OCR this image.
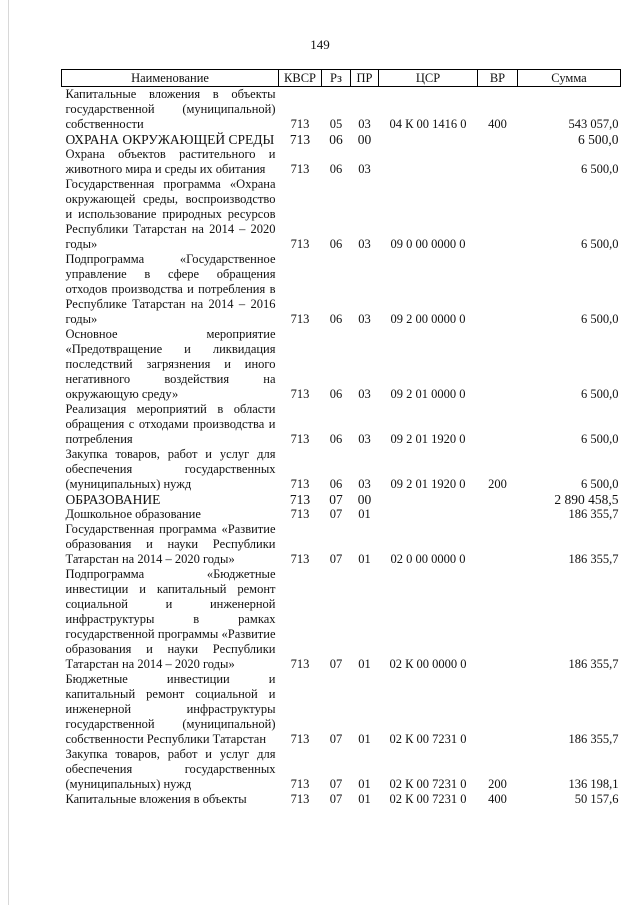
149
Наименование	КВСР	Рз	ПР	ЦСР	ВР	Сумма
Капитальные вложения в объекты государственной (муниципальной) собственности	713	05	03	04 К 00 1416 0	400	543 057,0
ОХРАНА ОКРУЖАЮЩЕЙ СРЕДЫ	713	06	00			6 500,0
Охрана объектов растительного и животного мира и среды их обитания	713	06	03			6 500,0
Государственная программа «Охрана окружающей среды, воспроизводство и использование природных ресурсов Республики Татарстан на 2014 – 2020 годы»	713	06	03	09 0 00 0000 0		6 500,0
Подпрограмма «Государственное управление в сфере обращения отходов производства и потребления в Республике Татарстан на 2014 – 2016 годы»	713	06	03	09 2 00 0000 0		6 500,0
Основное мероприятие «Предотвращение и ликвидация последствий загрязнения и иного негативного воздействия на окружающую среду»	713	06	03	09 2 01 0000 0		6 500,0
Реализация мероприятий в области обращения с отходами производства и потребления	713	06	03	09 2 01 1920 0		6 500,0
Закупка товаров, работ и услуг для обеспечения государственных (муниципальных) нужд	713	06	03	09 2 01 1920 0	200	6 500,0
ОБРАЗОВАНИЕ	713	07	00			2 890 458,5
Дошкольное образование	713	07	01			186 355,7
Государственная программа «Развитие образования и науки Республики Татарстан на 2014 – 2020 годы»	713	07	01	02 0 00 0000 0		186 355,7
Подпрограмма «Бюджетные инвестиции и капитальный ремонт социальной и инженерной инфраструктуры в рамках государственной программы «Развитие образования и науки Республики Татарстан на 2014 – 2020 годы»	713	07	01	02 К 00 0000 0		186 355,7
Бюджетные инвестиции и капитальный ремонт социальной и инженерной инфраструктуры государственной (муниципальной) собственности Республики Татарстан	713	07	01	02 К 00 7231 0		186 355,7
Закупка товаров, работ и услуг для обеспечения государственных (муниципальных) нужд	713	07	01	02 К 00 7231 0	200	136 198,1
Капитальные вложения в объекты	713	07	01	02 К 00 7231 0	400	50 157,6
